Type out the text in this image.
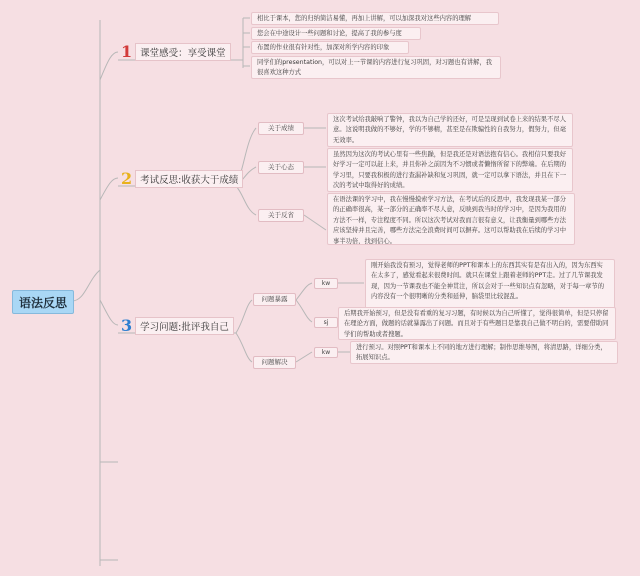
语法反思
1 课堂感受：享受课堂
相比于课本，您的归纳简洁易懂，再加上讲解，可以加深我对这些内容的理解
您会在中途设计一些问题和讨论，提高了我的参与度
布置的作业很有针对性，加深对所学内容的印象
同学们的presentation，可以对上一节课的内容进行复习巩固，对习题也有讲解，我很喜欢这种方式
2 考试反思:收获大于成绩
关于成绩
关于心态
关于反省
这次考试给我敲响了警钟，我以为自己学的还好，可是呈现到试卷上来的结果不尽人意。这说明我做的不够好，学的不够精，甚至是在欺骗性的自我努力，假努力，但毫无效率。
虽然因为这次的考试心里有一些焦躁，但是我还是对语法抱有信心。我相信只要我好好学习一定可以赶上来，并且你补之前因为不习惯或者懒惰所留下的弊端。在后期的学习里，只要我积极的进行查漏补缺和复习巩固，就一定可以拿下语法，并且在下一次的考试中取得好的成绩。
在语法课的学习中，我在慢慢摸索学习方法，在考试后的反思中，我发现我某一部分的正确率很高，某一部分的正确率不尽人意，反映到我当时的学习中，是因为我用的方法不一样，专注程度不同。所以这次考试对我而言很有意义，让我衡量到哪些方法应该坚持并且完善，哪些方法完全浪费时间可以摒弃。这可以帮助我在后续的学习中事半功倍，找到信心。
3 学习问题:批评我自己
问题暴露
问题解决
kw
sj
kw
刚开始我没有预习，觉得老师的PPT和课本上的东西其实有是有出入的，因为东西实在太多了，感觉看起来很费时间。就只在课堂上跟着老师的PPT走。过了几节课我发现，因为一节课我也不能全神贯注，所以会对于一些知识点有忽略，对于每一章节的内容没有一个很明晰的分类和延伸，脑袋里比较混乱。
后期我开始预习，但是没有看重的复习习题，有时候以为自己听懂了，觉得很简单，但是只停留在理论方面，做题的话就暴露出了问题。而且对于有些题目是靠我自己做不明白的，需要借助同学们的帮助或者搜题。
进行预习。对照PPT和课本上不同的地方进行理解；制作思维导图，将清思路，详细分类，拓展知识点。
